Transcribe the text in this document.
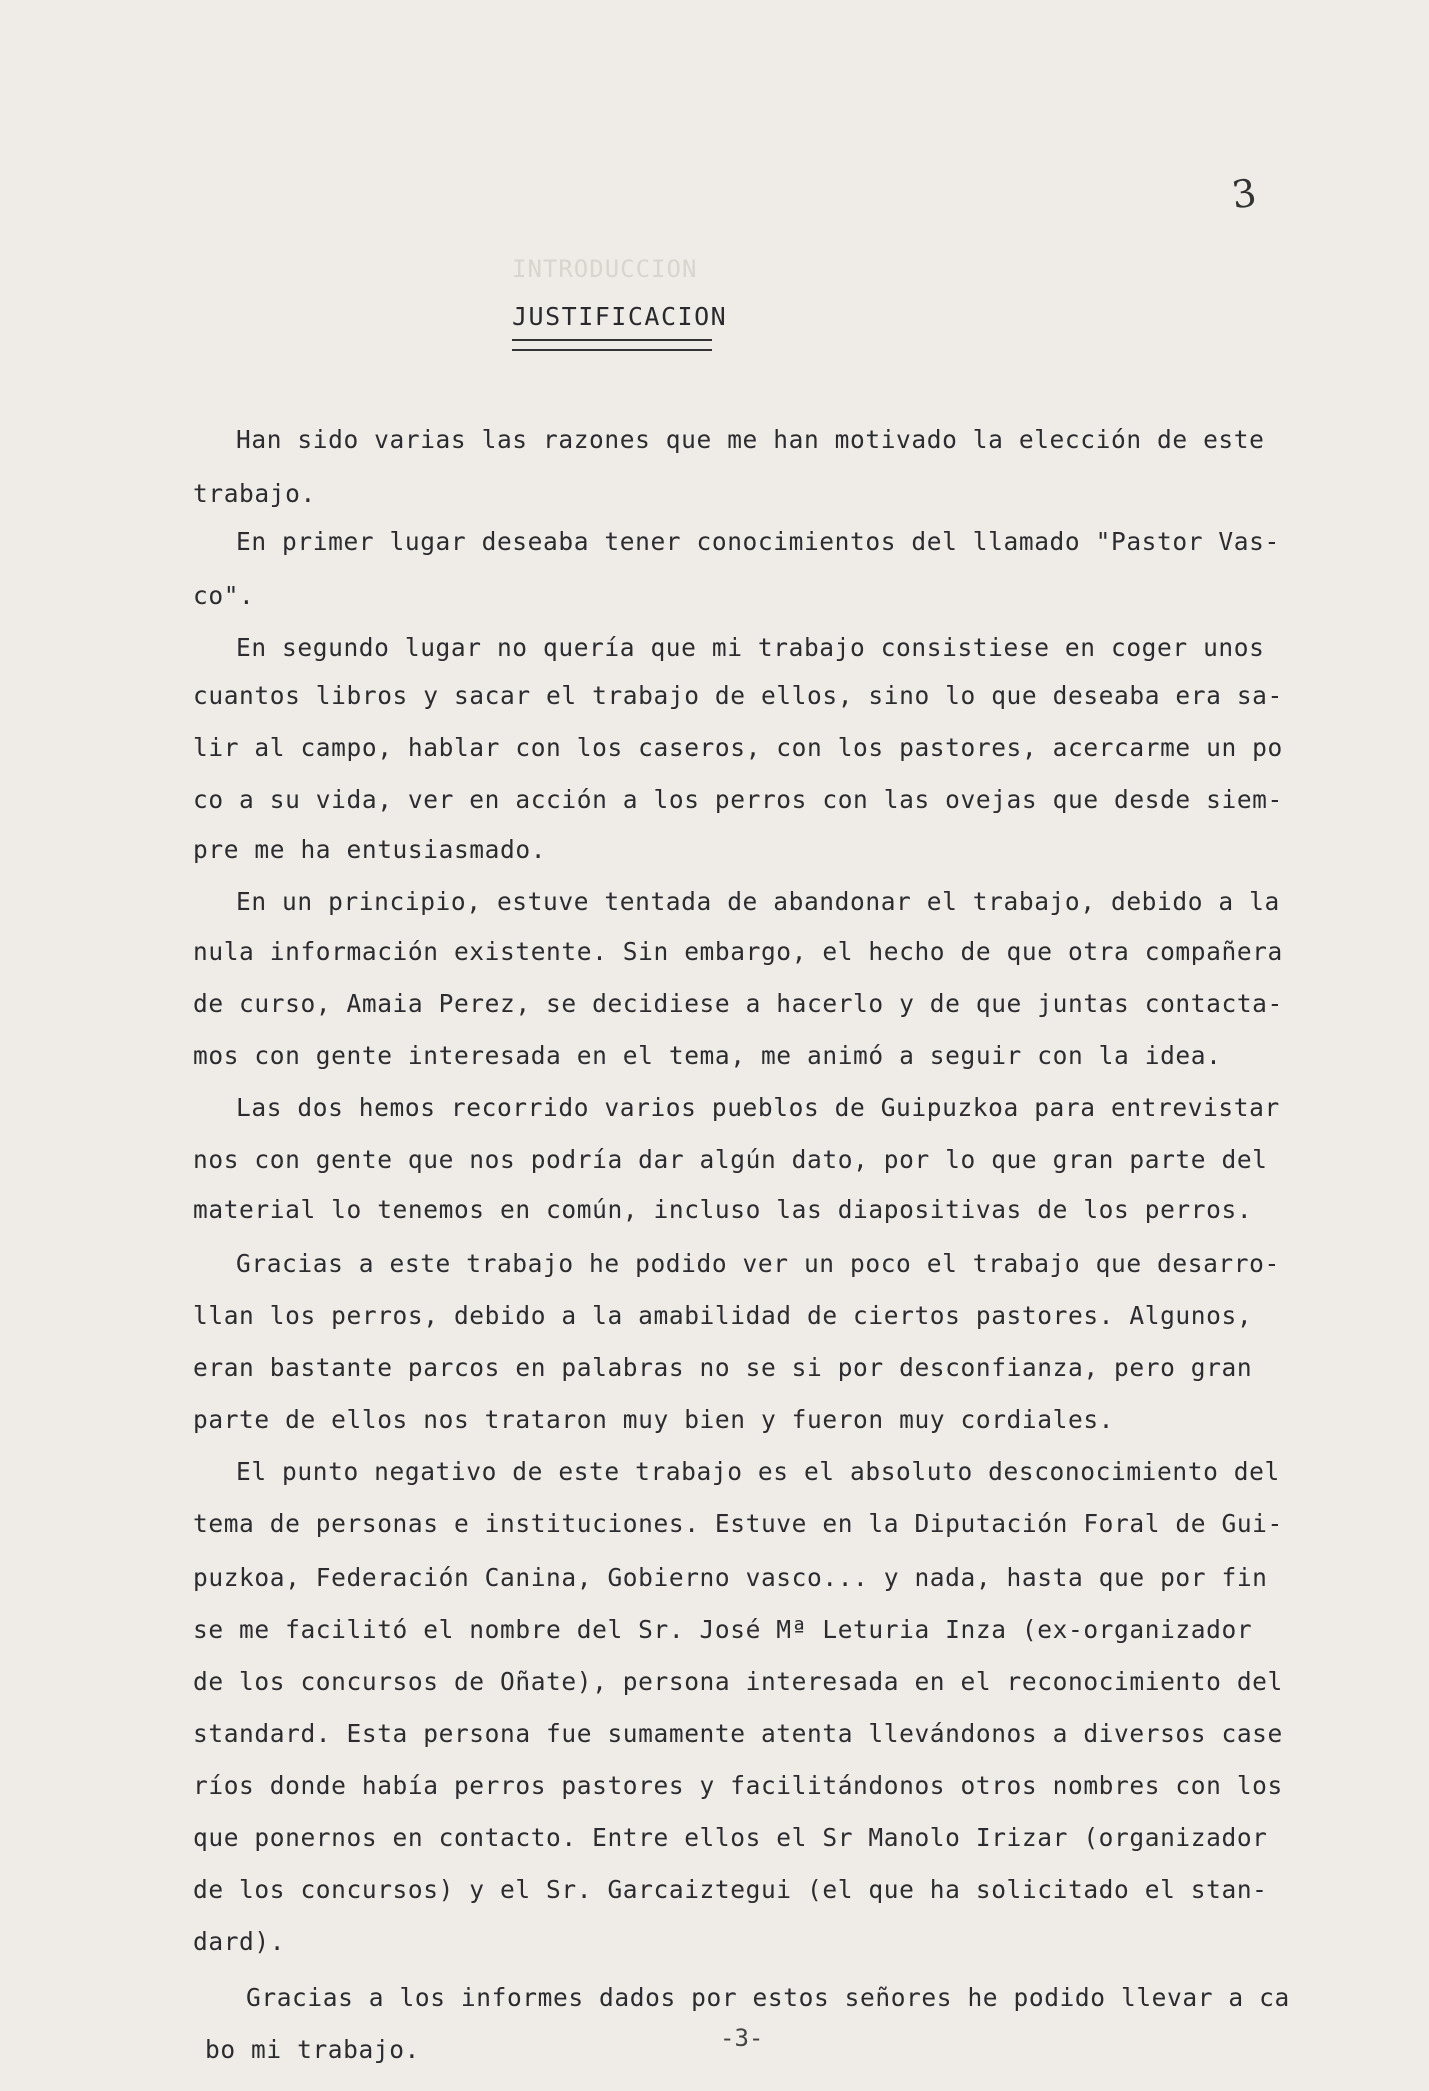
3
INTRODUCCION
JUSTIFICACION
Han sido varias las razones que me han motivado la elección de este
trabajo.
En primer lugar deseaba tener conocimientos del llamado "Pastor Vas-
co".
En segundo lugar no quería que mi trabajo consistiese en coger unos
cuantos libros y sacar el trabajo de ellos, sino lo que deseaba era sa-
lir al campo, hablar con los caseros, con los pastores, acercarme un po
co a su vida, ver en acción a los perros con las ovejas que desde siem-
pre me ha entusiasmado.
En un principio, estuve tentada de abandonar el trabajo, debido a la
nula información existente. Sin embargo, el hecho de que otra compañera
de curso, Amaia Perez, se decidiese a hacerlo y de que juntas contacta-
mos con gente interesada en el tema, me animó a seguir con la idea.
Las dos hemos recorrido varios pueblos de Guipuzkoa para entrevistar
nos con gente que nos podría dar algún dato, por lo que gran parte del
material lo tenemos en común, incluso las diapositivas de los perros.
Gracias a este trabajo he podido ver un poco el trabajo que desarro-
llan los perros, debido a la amabilidad de ciertos pastores. Algunos,
eran bastante parcos en palabras no se si por desconfianza, pero gran
parte de ellos nos trataron muy bien y fueron muy cordiales.
El punto negativo de este trabajo es el absoluto desconocimiento del
tema de personas e instituciones. Estuve en la Diputación Foral de Gui-
puzkoa, Federación Canina, Gobierno vasco... y nada, hasta que por fin
se me facilitó el nombre del Sr. José Mª Leturia Inza (ex-organizador
de los concursos de Oñate), persona interesada en el reconocimiento del
standard. Esta persona fue sumamente atenta llevándonos a diversos case
ríos donde había perros pastores y facilitándonos otros nombres con los
que ponernos en contacto. Entre ellos el Sr Manolo Irizar (organizador
de los concursos) y el Sr. Garcaiztegui (el que ha solicitado el stan-
dard).
Gracias a los informes dados por estos señores he podido llevar a ca
bo mi trabajo.	-3-
